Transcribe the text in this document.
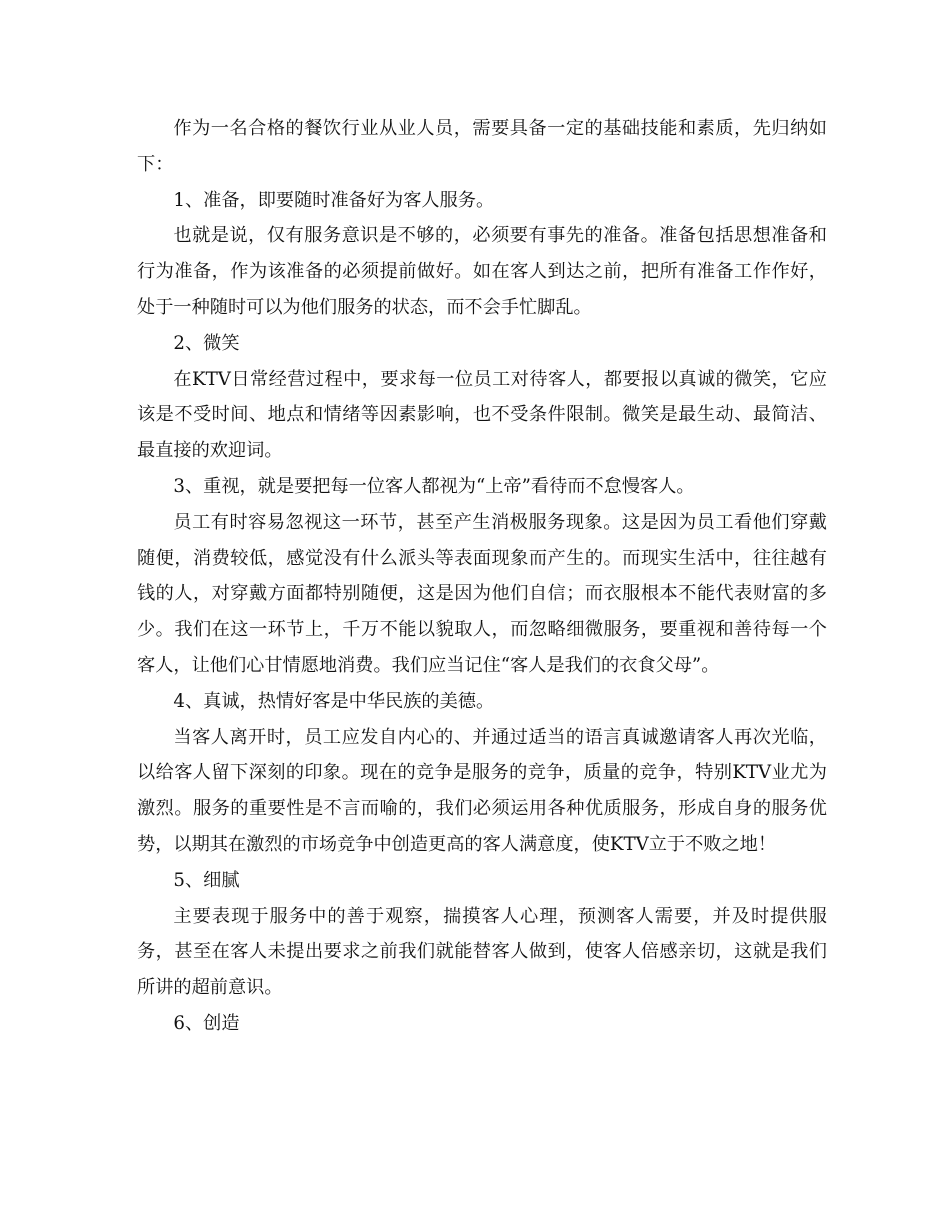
作为一名合格的餐饮行业从业人员，需要具备一定的基础技能和素质，先归纳如下：

1、准备，即要随时准备好为客人服务。

也就是说，仅有服务意识是不够的，必须要有事先的准备。准备包括思想准备和行为准备，作为该准备的必须提前做好。如在客人到达之前，把所有准备工作作好，处于一种随时可以为他们服务的状态，而不会手忙脚乱。

2、微笑

在KTV日常经营过程中，要求每一位员工对待客人，都要报以真诚的微笑，它应该是不受时间、地点和情绪等因素影响，也不受条件限制。微笑是最生动、最简洁、最直接的欢迎词。

3、重视，就是要把每一位客人都视为“上帝”看待而不怠慢客人。

员工有时容易忽视这一环节，甚至产生消极服务现象。这是因为员工看他们穿戴随便，消费较低，感觉没有什么派头等表面现象而产生的。而现实生活中，往往越有钱的人，对穿戴方面都特别随便，这是因为他们自信；而衣服根本不能代表财富的多少。我们在这一环节上，千万不能以貌取人，而忽略细微服务，要重视和善待每一个客人，让他们心甘情愿地消费。我们应当记住“客人是我们的衣食父母”。

4、真诚，热情好客是中华民族的美德。

当客人离开时，员工应发自内心的、并通过适当的语言真诚邀请客人再次光临，以给客人留下深刻的印象。现在的竞争是服务的竞争，质量的竞争，特别KTV业尤为激烈。服务的重要性是不言而喻的，我们必须运用各种优质服务，形成自身的服务优势，以期其在激烈的市场竞争中创造更高的客人满意度，使KTV立于不败之地！

5、细腻

主要表现于服务中的善于观察，揣摸客人心理，预测客人需要，并及时提供服务，甚至在客人未提出要求之前我们就能替客人做到，使客人倍感亲切，这就是我们所讲的超前意识。

6、创造
